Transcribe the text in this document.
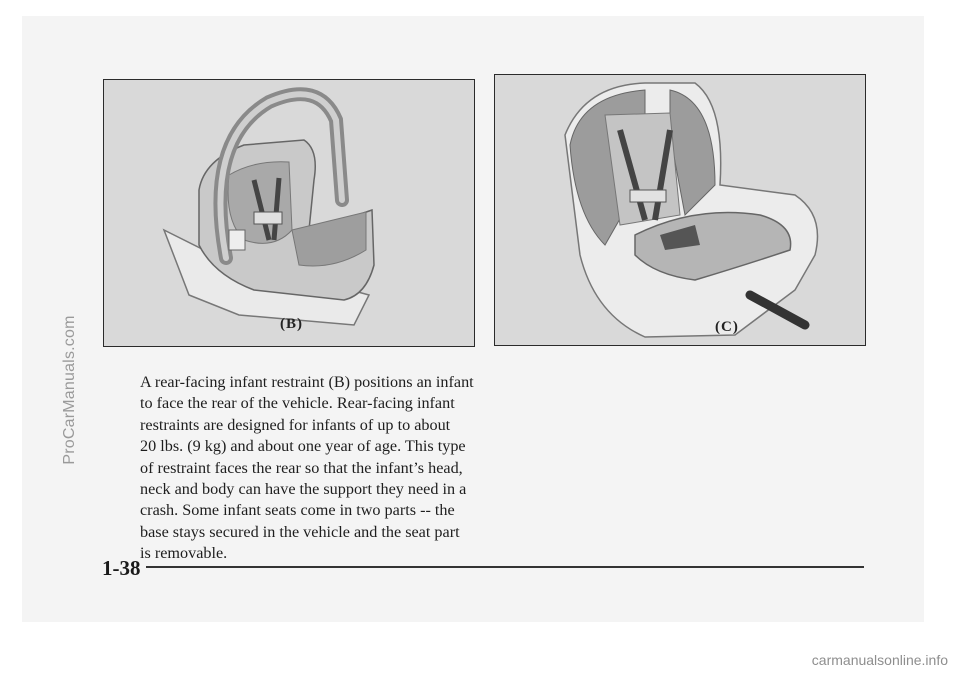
ProCarManuals.com
carmanualsonline.info
(B)	(C)
A rear-facing infant restraint (B) positions an infant
to face the rear of the vehicle. Rear-facing infant
restraints are designed for infants of up to about
20 lbs. (9 kg) and about one year of age. This type
of restraint faces the rear so that the infant’s head,
neck and body can have the support they need in a
crash. Some infant seats come in two parts -- the
base stays secured in the vehicle and the seat part
is removable.
1-38
